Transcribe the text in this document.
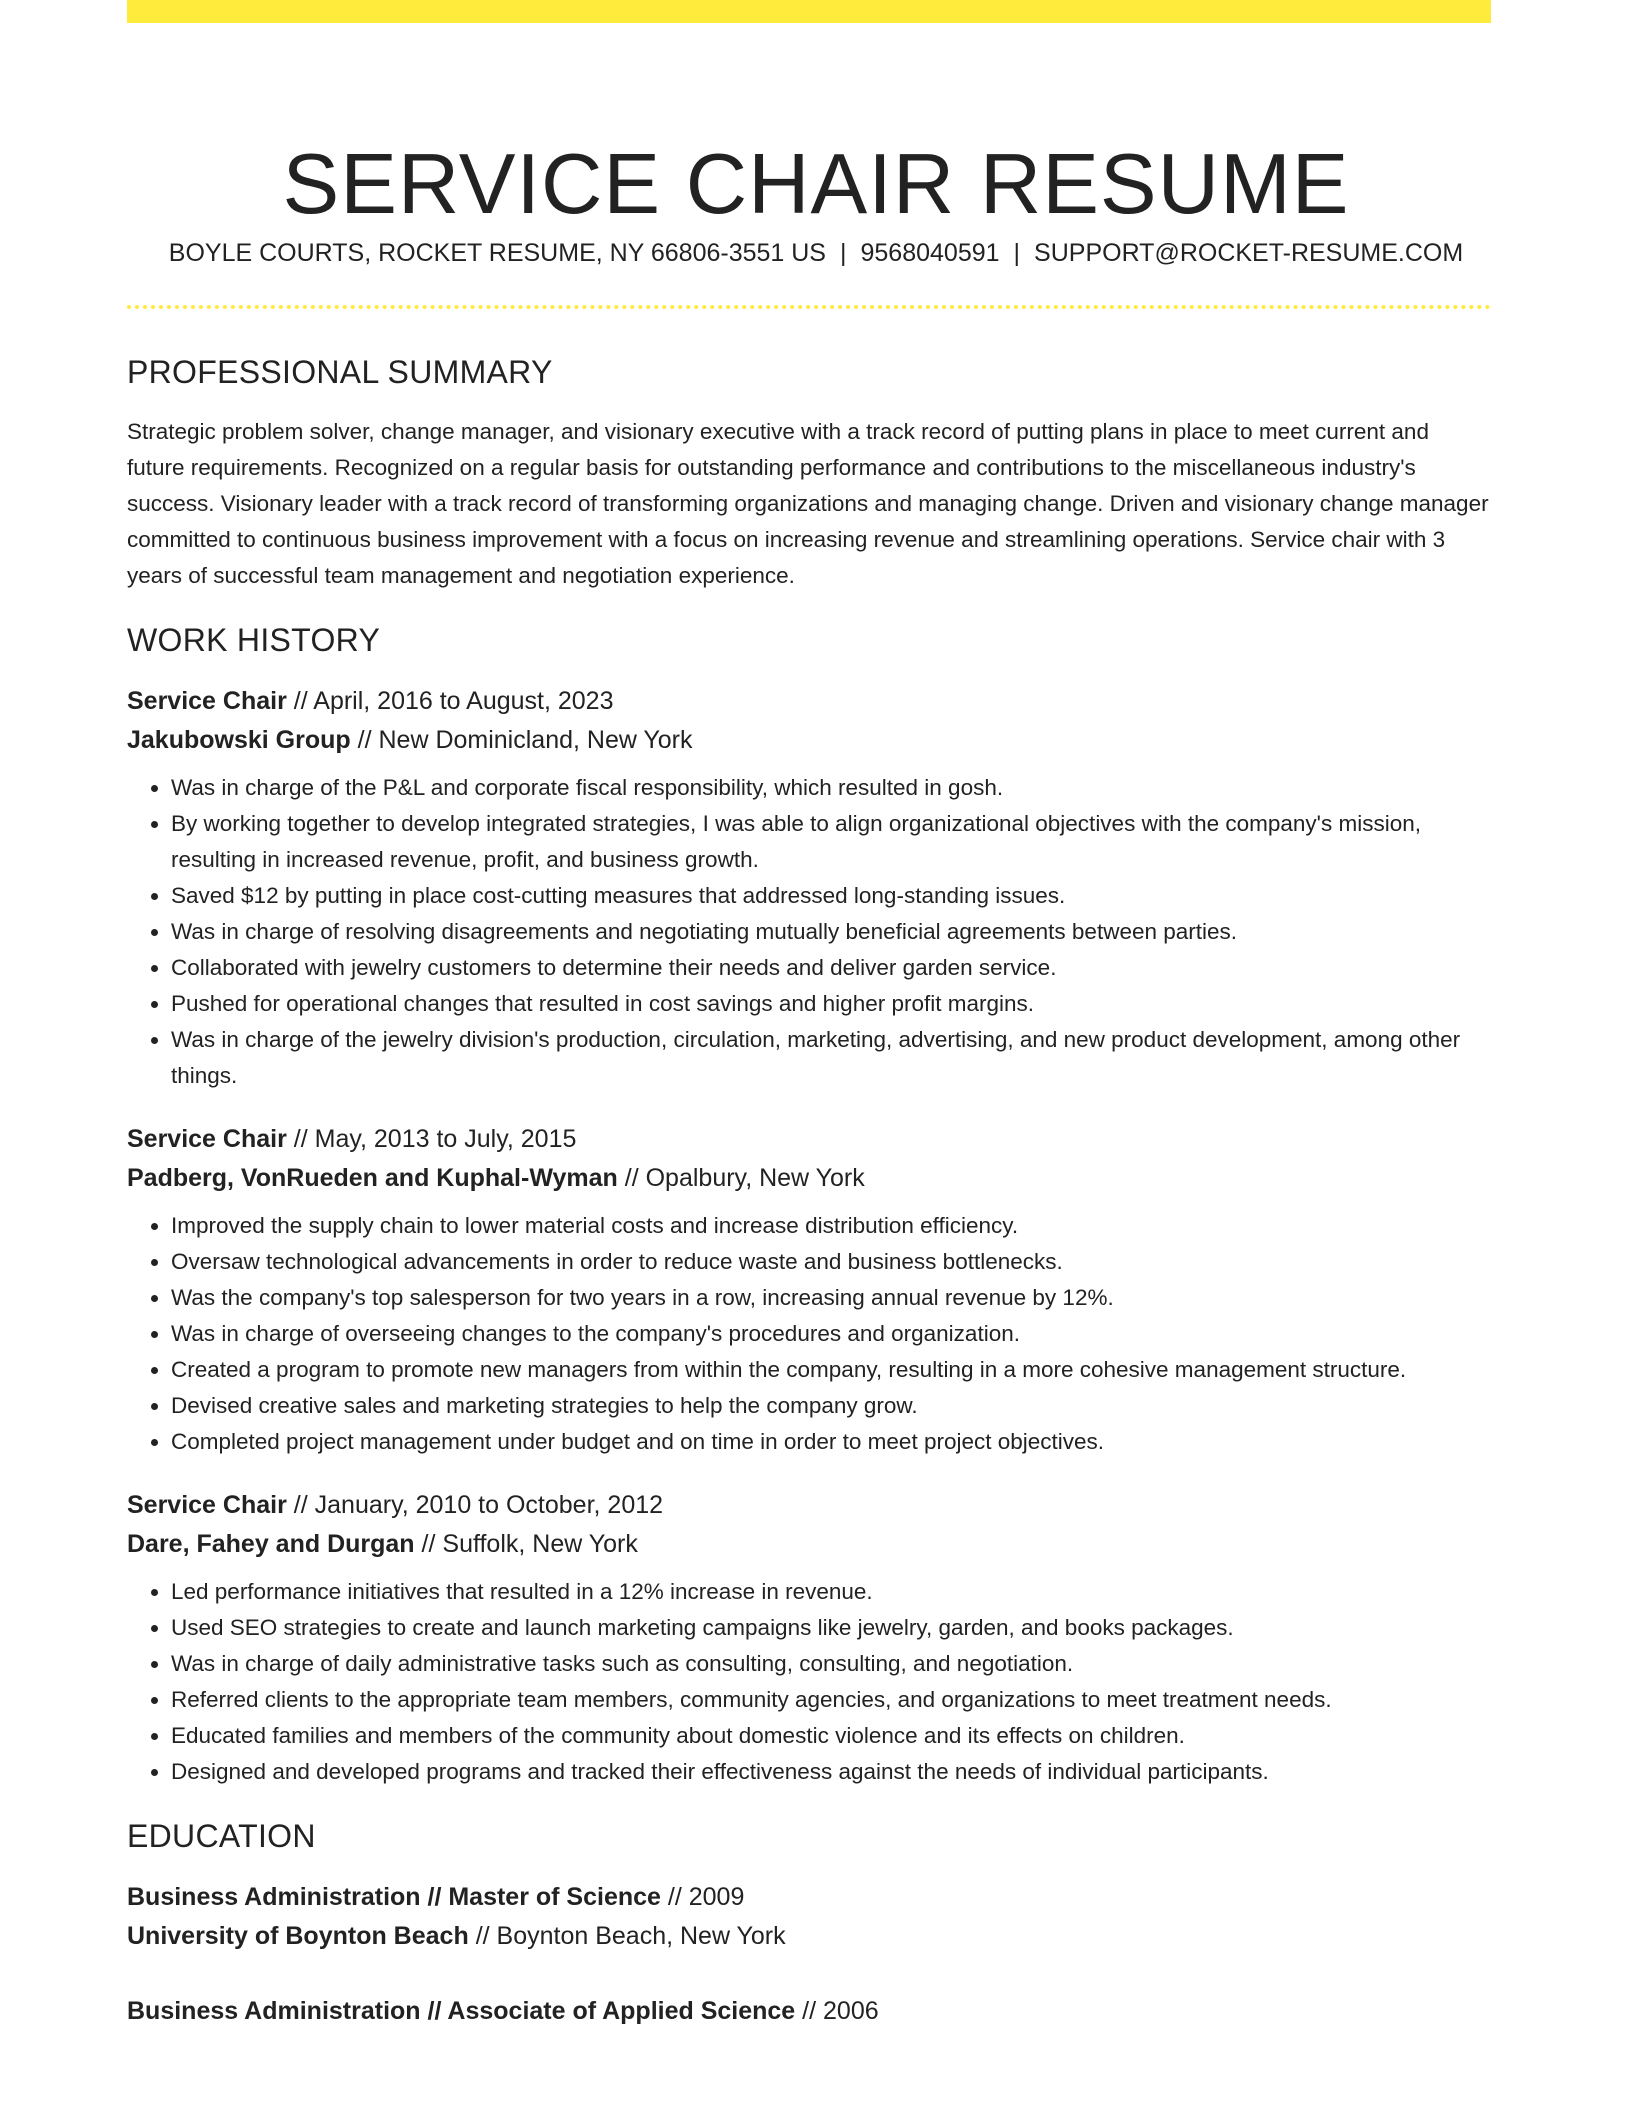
SERVICE CHAIR RESUME
BOYLE COURTS, ROCKET RESUME, NY 66806-3551 US | 9568040591 | SUPPORT@ROCKET-RESUME.COM
PROFESSIONAL SUMMARY

Strategic problem solver, change manager, and visionary executive with a track record of putting plans in place to meet current and future requirements. Recognized on a regular basis for outstanding performance and contributions to the miscellaneous industry's success. Visionary leader with a track record of transforming organizations and managing change. Driven and visionary change manager committed to continuous business improvement with a focus on increasing revenue and streamlining operations. Service chair with 3 years of successful team management and negotiation experience.

WORK HISTORY
Service Chair // April, 2016 to August, 2023
Jakubowski Group // New Dominicland, New York
• Was in charge of the P&L and corporate fiscal responsibility, which resulted in gosh.
• By working together to develop integrated strategies, I was able to align organizational objectives with the company's mission, resulting in increased revenue, profit, and business growth.
• Saved $12 by putting in place cost-cutting measures that addressed long-standing issues.
• Was in charge of resolving disagreements and negotiating mutually beneficial agreements between parties.
• Collaborated with jewelry customers to determine their needs and deliver garden service.
• Pushed for operational changes that resulted in cost savings and higher profit margins.
• Was in charge of the jewelry division's production, circulation, marketing, advertising, and new product development, among other things.
Service Chair // May, 2013 to July, 2015
Padberg, VonRueden and Kuphal-Wyman // Opalbury, New York
• Improved the supply chain to lower material costs and increase distribution efficiency.
• Oversaw technological advancements in order to reduce waste and business bottlenecks.
• Was the company's top salesperson for two years in a row, increasing annual revenue by 12%.
• Was in charge of overseeing changes to the company's procedures and organization.
• Created a program to promote new managers from within the company, resulting in a more cohesive management structure.
• Devised creative sales and marketing strategies to help the company grow.
• Completed project management under budget and on time in order to meet project objectives.
Service Chair // January, 2010 to October, 2012
Dare, Fahey and Durgan // Suffolk, New York
• Led performance initiatives that resulted in a 12% increase in revenue.
• Used SEO strategies to create and launch marketing campaigns like jewelry, garden, and books packages.
• Was in charge of daily administrative tasks such as consulting, consulting, and negotiation.
• Referred clients to the appropriate team members, community agencies, and organizations to meet treatment needs.
• Educated families and members of the community about domestic violence and its effects on children.
• Designed and developed programs and tracked their effectiveness against the needs of individual participants.
EDUCATION
Business Administration // Master of Science // 2009
University of Boynton Beach // Boynton Beach, New York
Business Administration // Associate of Applied Science // 2006
